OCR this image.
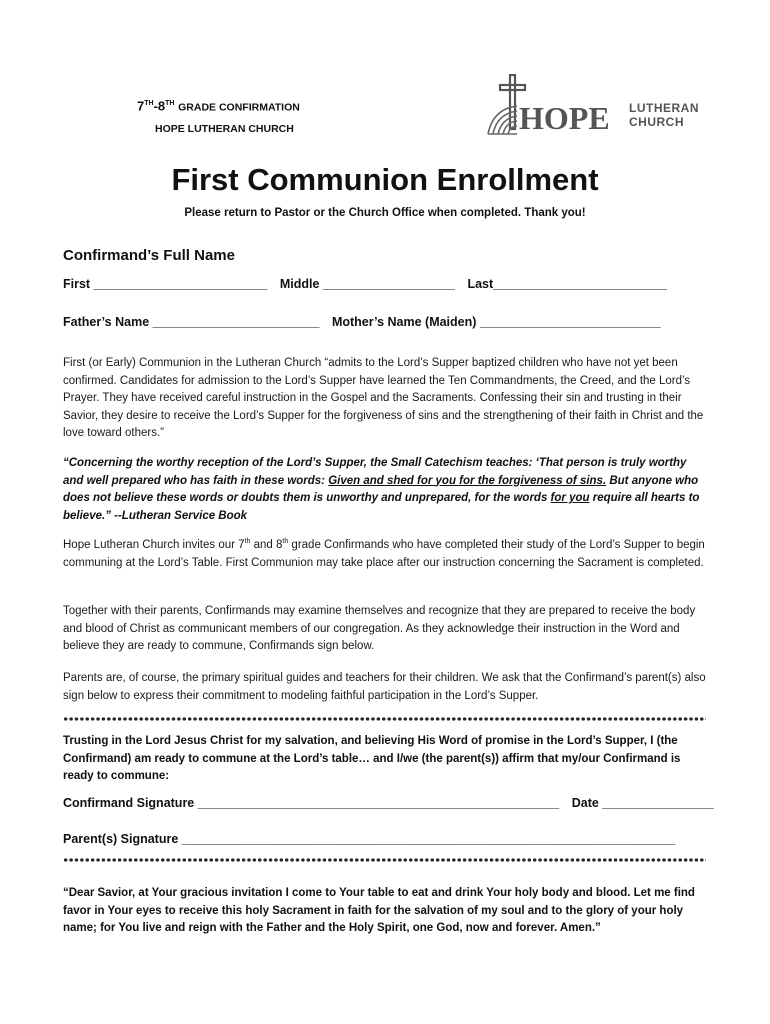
7TH-8TH GRADE CONFIRMATION
HOPE LUTHERAN CHURCH	HOPE LUTHERAN
CHURCH
First Communion Enrollment
Please return to Pastor or the Church Office when completed. Thank you!
Confirmand’s Full Name
First _________________________ Middle ___________________ Last_________________________
Father’s Name ________________________ Mother’s Name (Maiden) __________________________
First (or Early) Communion in the Lutheran Church “admits to the Lord’s Supper baptized children who have not yet been confirmed. Candidates for admission to the Lord’s Supper have learned the Ten Commandments, the Creed, and the Lord’s Prayer. They have received careful instruction in the Gospel and the Sacraments. Confessing their sin and trusting in their Savior, they desire to receive the Lord’s Supper for the forgiveness of sins and the strengthening of their faith in Christ and the love toward others.”
“Concerning the worthy reception of the Lord’s Supper, the Small Catechism teaches: ‘That person is truly worthy and well prepared who has faith in these words: Given and shed for you for the forgiveness of sins. But anyone who does not believe these words or doubts them is unworthy and unprepared, for the words for you require all hearts to believe.” --Lutheran Service Book
Hope Lutheran Church invites our 7th and 8th grade Confirmands who have completed their study of the Lord’s Supper to begin communing at the Lord’s Table. First Communion may take place after our instruction concerning the Sacrament is completed.
Together with their parents, Confirmands may examine themselves and recognize that they are prepared to receive the body and blood of Christ as communicant members of our congregation. As they acknowledge their instruction in the Word and believe they are ready to commune, Confirmands sign below.
Parents are, of course, the primary spiritual guides and teachers for their children. We ask that the Confirmand’s parent(s) also sign below to express their commitment to modeling faithful participation in the Lord’s Supper.
Trusting in the Lord Jesus Christ for my salvation, and believing His Word of promise in the Lord’s Supper, I (the Confirmand) am ready to commune at the Lord’s table… and I/we (the parent(s)) affirm that my/our Confirmand is ready to commune:
Confirmand Signature ____________________________________________________ Date ________________
Parent(s) Signature _______________________________________________________________________
“Dear Savior, at Your gracious invitation I come to Your table to eat and drink Your holy body and blood. Let me find favor in Your eyes to receive this holy Sacrament in faith for the salvation of my soul and to the glory of your holy name; for You live and reign with the Father and the Holy Spirit, one God, now and forever. Amen.”
